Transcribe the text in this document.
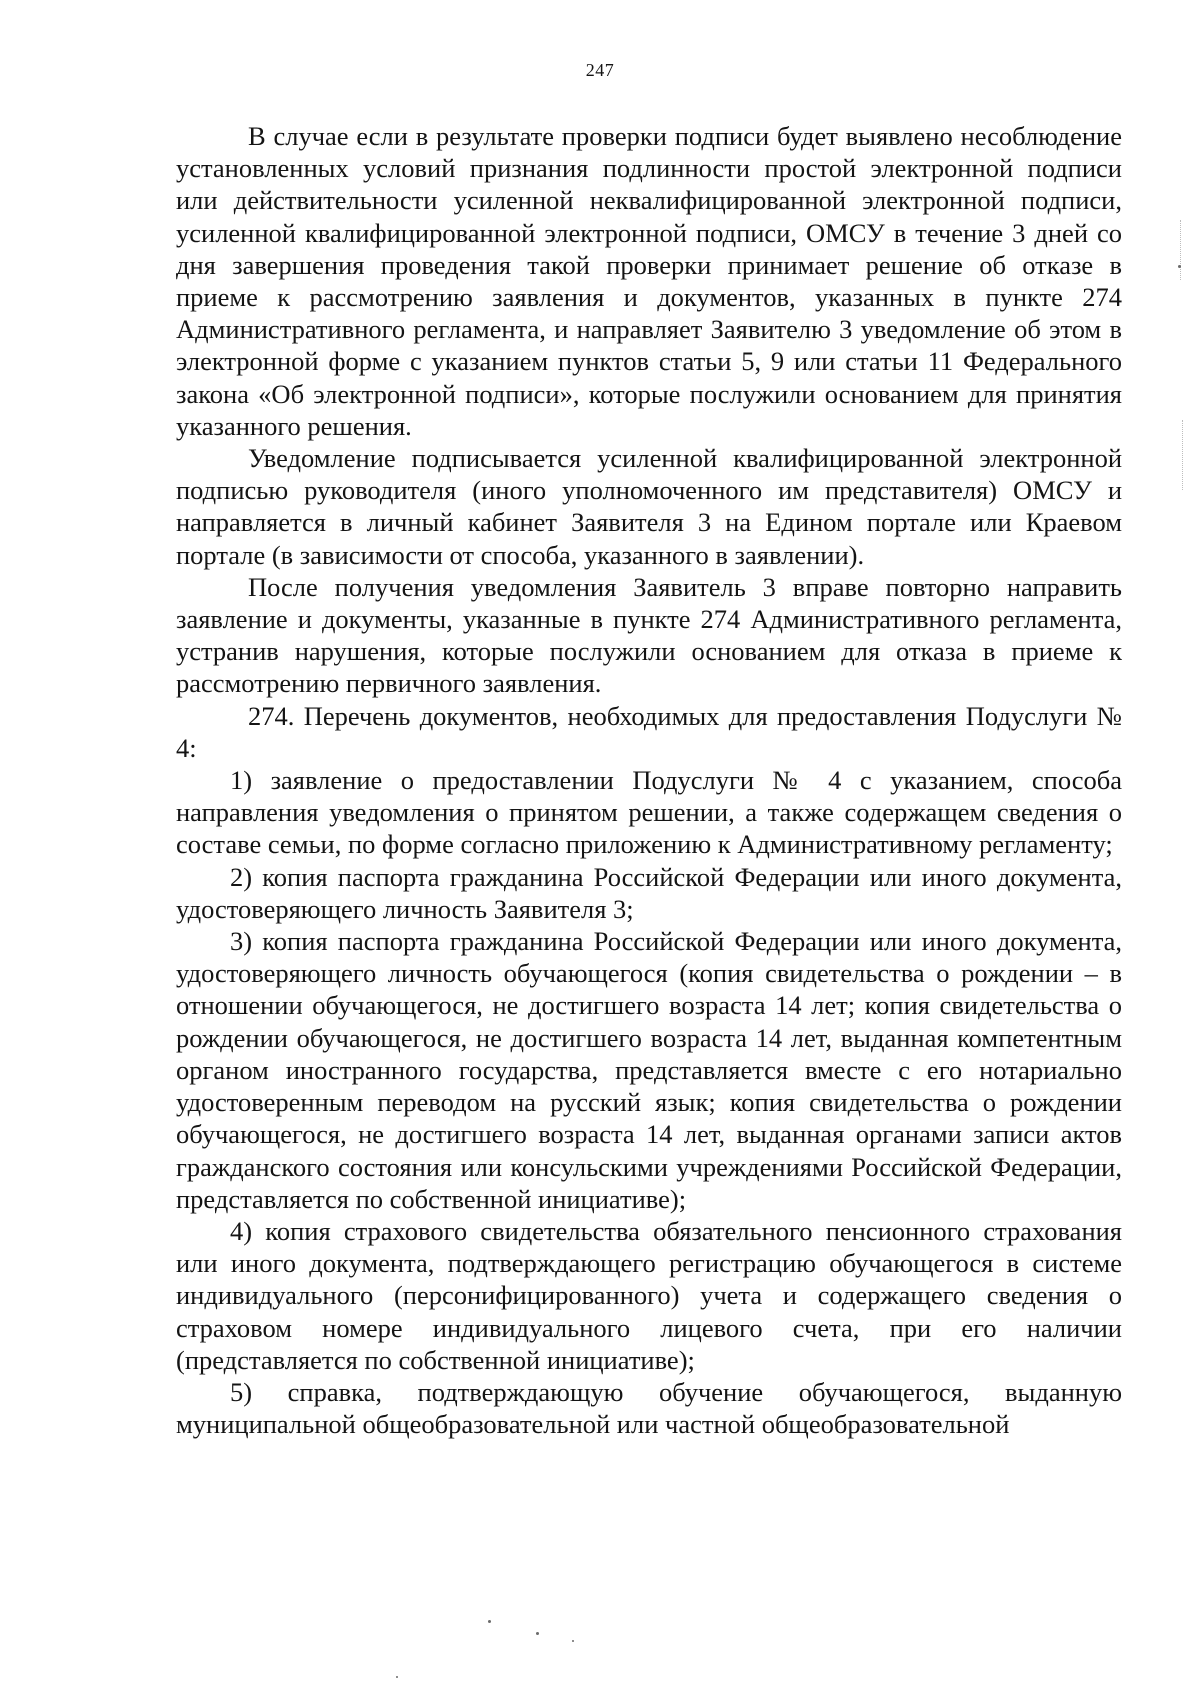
247

В случае если в результате проверки подписи будет выявлено несоблюдение установленных условий признания подлинности простой электронной подписи или действительности усиленной неквалифицированной электронной подписи, усиленной квалифицированной электронной подписи, ОМСУ в течение 3 дней со дня завершения проведения такой проверки принимает решение об отказе в приеме к рассмотрению заявления и документов, указанных в пункте 274 Административного регламента, и направляет Заявителю 3 уведомление об этом в электронной форме с указанием пунктов статьи 5, 9 или статьи 11 Федерального закона «Об электронной подписи», которые послужили основанием для принятия указанного решения.

Уведомление подписывается усиленной квалифицированной электронной подписью руководителя (иного уполномоченного им представителя) ОМСУ и направляется в личный кабинет Заявителя 3 на Едином портале или Краевом портале (в зависимости от способа, указанного в заявлении).

После получения уведомления Заявитель 3 вправе повторно направить заявление и документы, указанные в пункте 274 Административного регламента, устранив нарушения, которые послужили основанием для отказа в приеме к рассмотрению первичного заявления.

274. Перечень документов, необходимых для предоставления Подуслуги № 4:

1) заявление о предоставлении Подуслуги № 4 с указанием, способа направления уведомления о принятом решении, а также содержащем сведения о составе семьи, по форме согласно приложению к Административному регламенту;

2) копия паспорта гражданина Российской Федерации или иного документа, удостоверяющего личность Заявителя 3;

3) копия паспорта гражданина Российской Федерации или иного документа, удостоверяющего личность обучающегося (копия свидетельства о рождении – в отношении обучающегося, не достигшего возраста 14 лет; копия свидетельства о рождении обучающегося, не достигшего возраста 14 лет, выданная компетентным органом иностранного государства, представляется вместе с его нотариально удостоверенным переводом на русский язык; копия свидетельства о рождении обучающегося, не достигшего возраста 14 лет, выданная органами записи актов гражданского состояния или консульскими учреждениями Российской Федерации, представляется по собственной инициативе);

4) копия страхового свидетельства обязательного пенсионного страхования или иного документа, подтверждающего регистрацию обучающегося в системе индивидуального (персонифицированного) учета и содержащего сведения о страховом номере индивидуального лицевого счета, при его наличии (представляется по собственной инициативе);

5) справка, подтверждающую обучение обучающегося, выданную муниципальной общеобразовательной или частной общеобразовательной
